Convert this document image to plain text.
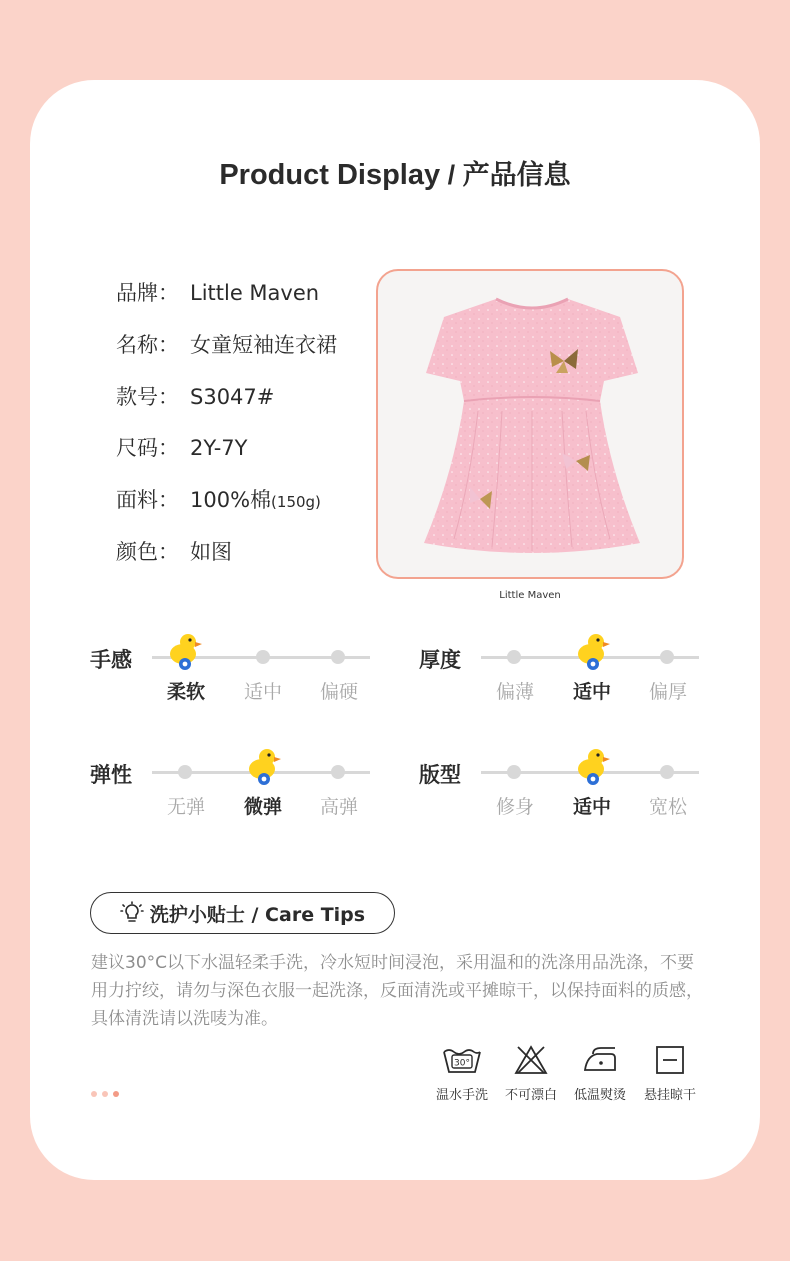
Product Display / 产品信息
品牌： Little Maven
名称： 女童短袖连衣裙
款号： S3047#
尺码： 2Y-7Y
面料： 100%棉(150g)
颜色： 如图
Little Maven
手感
柔软	适中	偏硬
厚度
偏薄	适中	偏厚
弹性
无弹	微弹	高弹
版型
修身	适中	宽松
洗护小贴士 / Care Tips
建议30°C以下水温轻柔手洗，冷水短时间浸泡，采用温和的洗涤用品洗涤，不要用力拧绞，请勿与深色衣服一起洗涤，反面清洗或平摊晾干，以保持面料的质感，具体清洗请以洗唛为准。
30°
温水手洗	不可漂白	低温熨烫	悬挂晾干
